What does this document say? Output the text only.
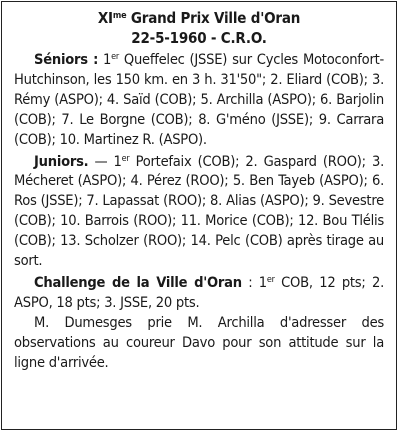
$XI^{me}$ Grand Prix Ville d'Oran
22-5-1960 - C.R.O.

Séniors : 1er Queffelec (JSSE) sur Cycles Motoconfort-Hutchinson, les 150 km. en 3 h. 31'50"; 2. Eliard (COB); 3. Rémy (ASPO); 4. Saïd (COB); 5. Archilla (ASPO); 6. Barjolin (COB); 7. Le Borgne (COB); 8. G'méno (JSSE); 9. Carrara (COB); 10. Martinez R. (ASPO).

Juniors. — 1er Portefaix (COB); 2. Gaspard (ROO); 3. Mécheret (ASPO); 4. Pérez (ROO); 5. Ben Tayeb (ASPO); 6. Ros (JSSE); 7. Lapassat (ROO); 8. Alias (ASPO); 9. Sevestre (COB); 10. Barrois (ROO); 11. Morice (COB); 12. Bou Tlélis (COB); 13. Scholzer (ROO); 14. Pelc (COB) après tirage au sort.

Challenge de la Ville d'Oran : 1er COB, 12 pts; 2. ASPO, 18 pts; 3. JSSE, 20 pts.

M. Dumesges prie M. Archilla d'adresser des observations au coureur Davo pour son attitude sur la ligne d'arrivée.
